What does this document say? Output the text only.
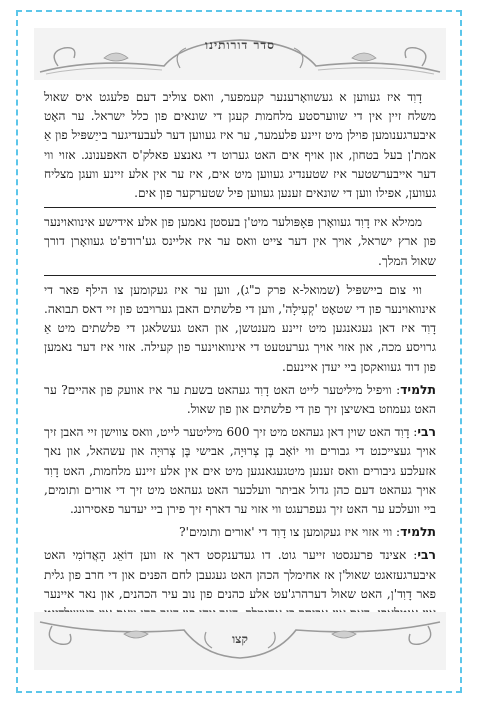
סדר דורותינו

דָוִד איז געווען א געשוואָרענער קעמפער, וואס צוליב דעם פלעגט איס שאול משלח זיין אין די שווערסטע מלחמות קעגן די שונאים פון כלל ישראל. ער האָט איבערגענומען פוילן מיט זיינע פלעמער, ער איז געווען דער לעבעדיגער בייַשפּיל פון אַ אמת'ן בעל בטחון, און אויף אים האט גערוט די גאנצע פאלק'ס האפענונג. אזוי ווי דער אייבערשטער איז שטענדיג געווען מיט אים, איז ער אין אלע זיינע וועגן מצליח געווען, אפילו ווען די שונאים זענען געווען פיל שטערקער פון אים.

ממילא איז דָוִד געוואָרן פּאָפּולער מיט'ן בעסטן נאמען פון אלע אידישע אינוואוינער פון ארץ ישראל, אויך אין דער צייט וואס ער איז אליינס גע'רודפ'ט געוואָרן דורך שאול המלך.

ווי צום ביישפּיל (שמואל-א פרק כ"ג), ווען ער איז געקומען צו הילף פאר די אינוואוינער פון די שטאָט 'קְעִילָה', ווען די פלשתים האבן גערויבט פון זיי דאס תבואה. דָוִד איז דאן געגאנגען מיט זיינע מענטשן, און האט געשלאגן די פלשתים מיט אַ גרויסע מכה, און אזוי אויך גערעטעט די אינוואוינער פון קעילה. אזוי איז דער נאמען פון דוד געוואקסן ביי יעדן איינעם.

תלמיד: וויפיל מיליטער לייט האט דָוִד געהאט בשעת ער איז אוועק פון אהיים? ער האט געמוזט באשיצן זיך פון די פלשתים און פון שאול.

רבי: דָוִד האט שוין דאן געהאט מיט זיך 600 מיליטער לייט, וואס צווישן זיי האבן זיך אויך געצייכנט די גבורים ווי יוֹאָב בֶּן צְרוּיָה, אבישי בֶּן צְרוּיָה און עשהאל, און נאך אזעלכע גיבורים וואס זענען מיטגעגאנגען מיט אים אין אלע זיינע מלחמות, האט דָוִד אויך געהאט דעם כהן גדול אביתר וועלכער האט געהאט מיט זיך די אורים ותומים, ביי וועלכע ער האט זיך געפרעגט ווי אזוי ער דארף זיך פירן ביי יעדער פאסירונג.

תלמיד: ווי אזוי איז געקומען צו דָוִד די 'אורים ותומים'?

רבי: אצינד פרעגסטו זייער גוט. דו געדענקסט דאך אז ווען דוֹאֵג הָאֲדוֹמִי האט איבערגעזאגט שאול'ן אז אחימלך הכהן האט געגעבן לחם הפנים און די חרב פון גלית פאר דָוִד'ן, האט שאול דערהרג'עט אלע כהנים פון נוב עיר הכהנים, און נאר איינער

קצו
